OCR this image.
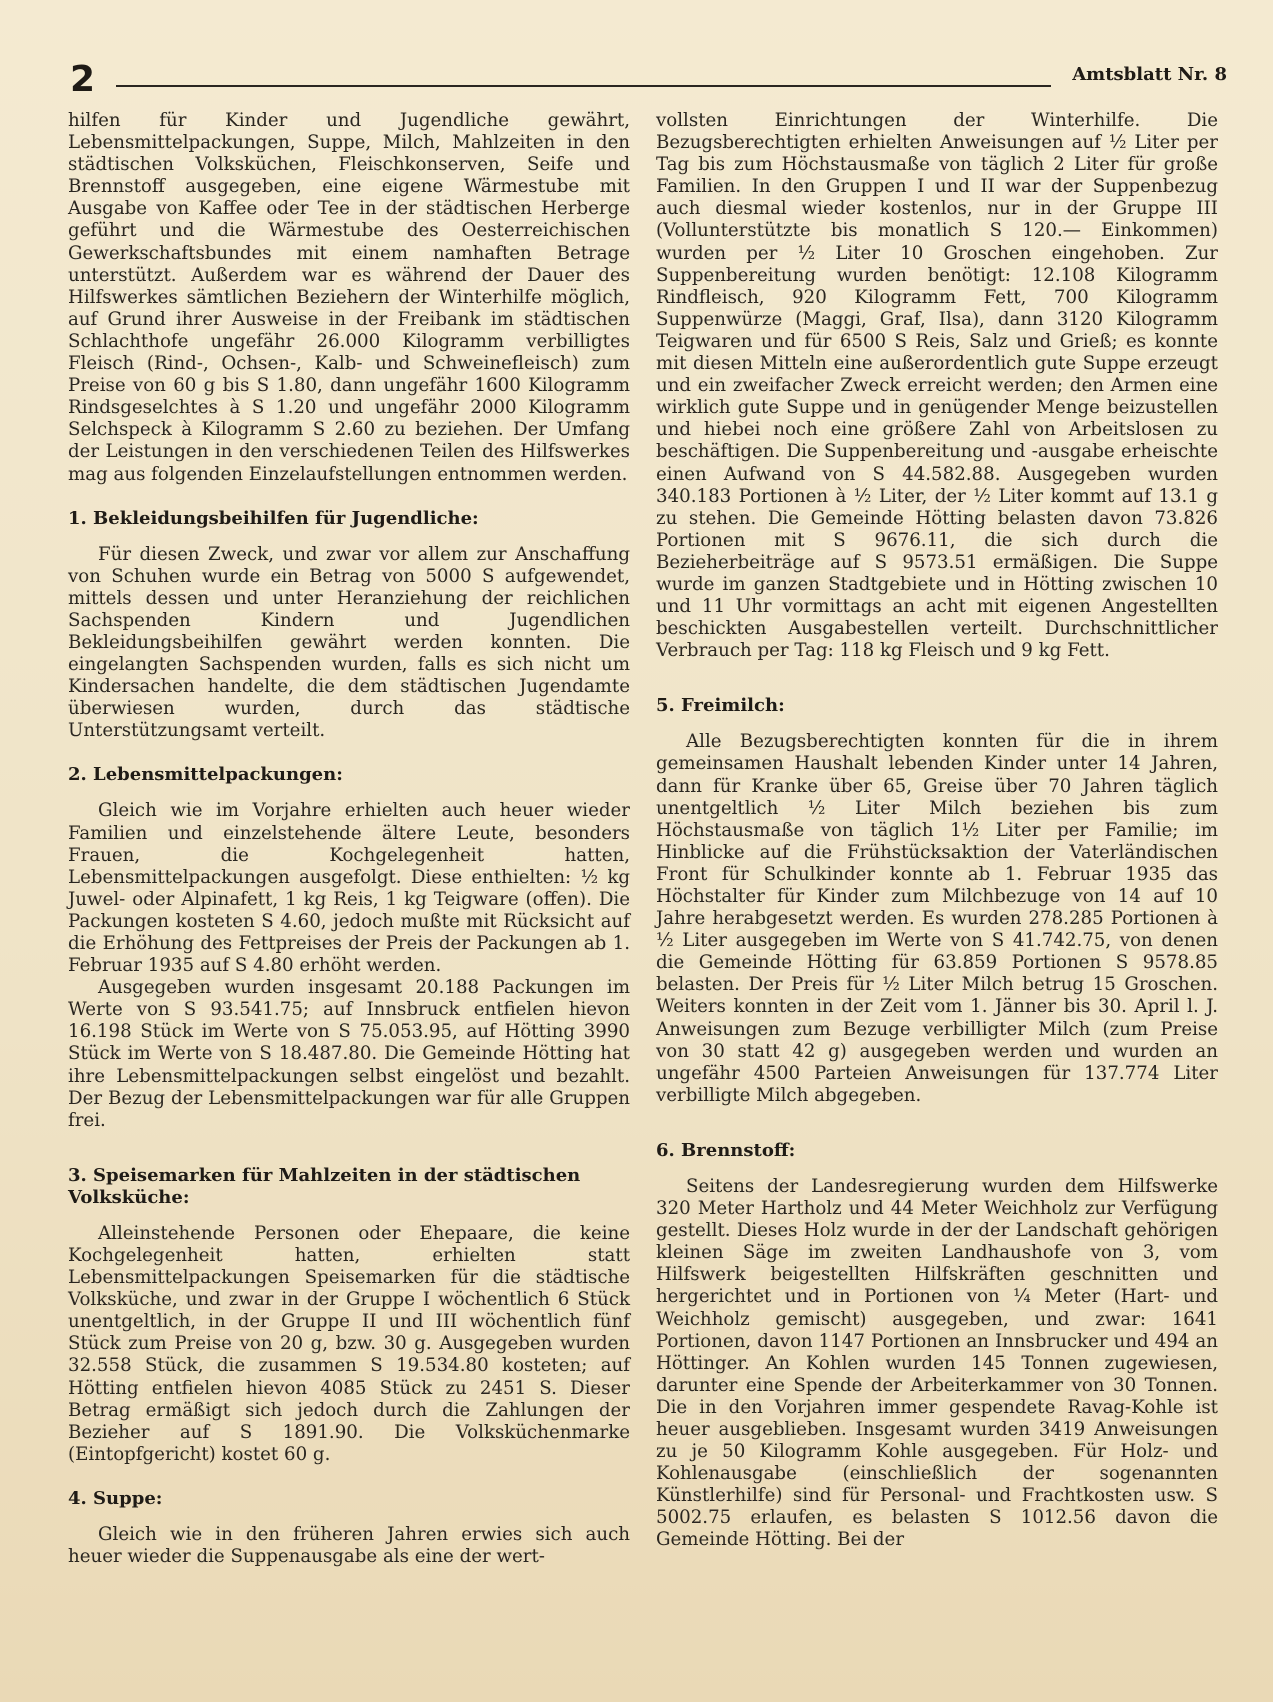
2	Amtsblatt Nr. 8

hilfen für Kinder und Jugendliche gewährt, Lebensmittelpackungen, Suppe, Milch, Mahlzeiten in den städtischen Volksküchen, Fleischkonserven, Seife und Brennstoff ausgegeben, eine eigene Wärmestube mit Ausgabe von Kaffee oder Tee in der städtischen Herberge geführt und die Wärmestube des Oesterreichischen Gewerkschaftsbundes mit einem namhaften Betrage unterstützt. Außerdem war es während der Dauer des Hilfswerkes sämtlichen Beziehern der Winterhilfe möglich, auf Grund ihrer Ausweise in der Freibank im städtischen Schlachthofe ungefähr 26.000 Kilogramm verbilligtes Fleisch (Rind-, Ochsen-, Kalb- und Schweinefleisch) zum Preise von 60 g bis S 1.80, dann ungefähr 1600 Kilogramm Rindsgeselchtes à S 1.20 und ungefähr 2000 Kilogramm Selchspeck à Kilogramm S 2.60 zu beziehen. Der Umfang der Leistungen in den verschiedenen Teilen des Hilfswerkes mag aus folgenden Einzelaufstellungen entnommen werden.

1. Bekleidungsbeihilfen für Jugendliche:

Für diesen Zweck, und zwar vor allem zur Anschaffung von Schuhen wurde ein Betrag von 5000 S aufgewendet, mittels dessen und unter Heranziehung der reichlichen Sachspenden Kindern und Jugendlichen Bekleidungsbeihilfen gewährt werden konnten. Die eingelangten Sachspenden wurden, falls es sich nicht um Kindersachen handelte, die dem städtischen Jugendamte überwiesen wurden, durch das städtische Unterstützungsamt verteilt.

2. Lebensmittelpackungen:

Gleich wie im Vorjahre erhielten auch heuer wieder Familien und einzelstehende ältere Leute, besonders Frauen, die Kochgelegenheit hatten, Lebensmittelpackungen ausgefolgt. Diese enthielten: ½ kg Juwel- oder Alpinafett, 1 kg Reis, 1 kg Teigware (offen). Die Packungen kosteten S 4.60, jedoch mußte mit Rücksicht auf die Erhöhung des Fettpreises der Preis der Packungen ab 1. Februar 1935 auf S 4.80 erhöht werden.

Ausgegeben wurden insgesamt 20.188 Packungen im Werte von S 93.541.75; auf Innsbruck entfielen hievon 16.198 Stück im Werte von S 75.053.95, auf Hötting 3990 Stück im Werte von S 18.487.80. Die Gemeinde Hötting hat ihre Lebensmittelpackungen selbst eingelöst und bezahlt. Der Bezug der Lebensmittelpackungen war für alle Gruppen frei.

3. Speisemarken für Mahlzeiten in der städtischen Volksküche:

Alleinstehende Personen oder Ehepaare, die keine Kochgelegenheit hatten, erhielten statt Lebensmittelpackungen Speisemarken für die städtische Volksküche, und zwar in der Gruppe I wöchentlich 6 Stück unentgeltlich, in der Gruppe II und III wöchentlich fünf Stück zum Preise von 20 g, bzw. 30 g. Ausgegeben wurden 32.558 Stück, die zusammen S 19.534.80 kosteten; auf Hötting entfielen hievon 4085 Stück zu 2451 S. Dieser Betrag ermäßigt sich jedoch durch die Zahlungen der Bezieher auf S 1891.90. Die Volksküchenmarke (Eintopfgericht) kostet 60 g.

4. Suppe:

Gleich wie in den früheren Jahren erwies sich auch heuer wieder die Suppenausgabe als eine der wert-

vollsten Einrichtungen der Winterhilfe. Die Bezugsberechtigten erhielten Anweisungen auf ½ Liter per Tag bis zum Höchstausmaße von täglich 2 Liter für große Familien. In den Gruppen I und II war der Suppenbezug auch diesmal wieder kostenlos, nur in der Gruppe III (Vollunterstützte bis monatlich S 120.— Einkommen) wurden per ½ Liter 10 Groschen eingehoben. Zur Suppenbereitung wurden benötigt: 12.108 Kilogramm Rindfleisch, 920 Kilogramm Fett, 700 Kilogramm Suppenwürze (Maggi, Graf, Ilsa), dann 3120 Kilogramm Teigwaren und für 6500 S Reis, Salz und Grieß; es konnte mit diesen Mitteln eine außerordentlich gute Suppe erzeugt und ein zweifacher Zweck erreicht werden; den Armen eine wirklich gute Suppe und in genügender Menge beizustellen und hiebei noch eine größere Zahl von Arbeitslosen zu beschäftigen. Die Suppenbereitung und -ausgabe erheischte einen Aufwand von S 44.582.88. Ausgegeben wurden 340.183 Portionen à ½ Liter, der ½ Liter kommt auf 13.1 g zu stehen. Die Gemeinde Hötting belasten davon 73.826 Portionen mit S 9676.11, die sich durch die Bezieherbeiträge auf S 9573.51 ermäßigen. Die Suppe wurde im ganzen Stadtgebiete und in Hötting zwischen 10 und 11 Uhr vormittags an acht mit eigenen Angestellten beschickten Ausgabestellen verteilt. Durchschnittlicher Verbrauch per Tag: 118 kg Fleisch und 9 kg Fett.

5. Freimilch:

Alle Bezugsberechtigten konnten für die in ihrem gemeinsamen Haushalt lebenden Kinder unter 14 Jahren, dann für Kranke über 65, Greise über 70 Jahren täglich unentgeltlich ½ Liter Milch beziehen bis zum Höchstausmaße von täglich 1½ Liter per Familie; im Hinblicke auf die Frühstücksaktion der Vaterländischen Front für Schulkinder konnte ab 1. Februar 1935 das Höchstalter für Kinder zum Milchbezuge von 14 auf 10 Jahre herabgesetzt werden. Es wurden 278.285 Portionen à ½ Liter ausgegeben im Werte von S 41.742.75, von denen die Gemeinde Hötting für 63.859 Portionen S 9578.85 belasten. Der Preis für ½ Liter Milch betrug 15 Groschen. Weiters konnten in der Zeit vom 1. Jänner bis 30. April l. J. Anweisungen zum Bezuge verbilligter Milch (zum Preise von 30 statt 42 g) ausgegeben werden und wurden an ungefähr 4500 Parteien Anweisungen für 137.774 Liter verbilligte Milch abgegeben.

6. Brennstoff:

Seitens der Landesregierung wurden dem Hilfswerke 320 Meter Hartholz und 44 Meter Weichholz zur Verfügung gestellt. Dieses Holz wurde in der der Landschaft gehörigen kleinen Säge im zweiten Landhaushofe von 3, vom Hilfswerk beigestellten Hilfskräften geschnitten und hergerichtet und in Portionen von ¼ Meter (Hart- und Weichholz gemischt) ausgegeben, und zwar: 1641 Portionen, davon 1147 Portionen an Innsbrucker und 494 an Höttinger. An Kohlen wurden 145 Tonnen zugewiesen, darunter eine Spende der Arbeiterkammer von 30 Tonnen. Die in den Vorjahren immer gespendete Ravag-Kohle ist heuer ausgeblieben. Insgesamt wurden 3419 Anweisungen zu je 50 Kilogramm Kohle ausgegeben. Für Holz- und Kohlenausgabe (einschließlich der sogenannten Künstlerhilfe) sind für Personal- und Frachtkosten usw. S 5002.75 erlaufen, es belasten S 1012.56 davon die Gemeinde Hötting. Bei der
